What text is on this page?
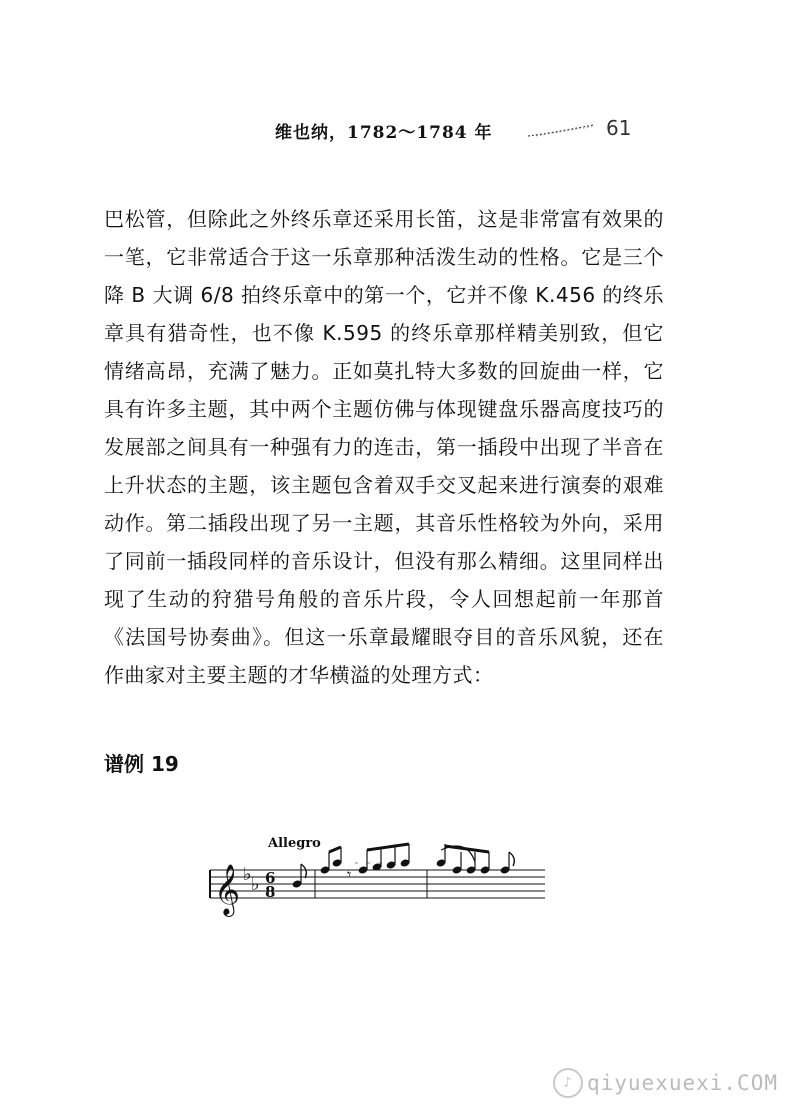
维也纳，1782～1784 年	61
巴松管，但除此之外终乐章还采用长笛，这是非常富有效果的一笔，它非常适合于这一乐章那种活泼生动的性格。它是三个降 B 大调 6/8 拍终乐章中的第一个，它并不像 K.456 的终乐章具有猎奇性，也不像 K.595 的终乐章那样精美别致，但它情绪高昂，充满了魅力。正如莫扎特大多数的回旋曲一样，它具有许多主题，其中两个主题仿佛与体现键盘乐器高度技巧的发展部之间具有一种强有力的连击，第一插段中出现了半音在上升状态的主题，该主题包含着双手交叉起来进行演奏的艰难动作。第二插段出现了另一主题，其音乐性格较为外向，采用了同前一插段同样的音乐设计，但没有那么精细。这里同样出现了生动的狩猎号角般的音乐片段，令人回想起前一年那首《法国号协奏曲》。但这一乐章最耀眼夺目的音乐风貌，还在作曲家对主要主题的才华横溢的处理方式：
谱例 19
Allegro
𝄞 ♭ ♭ 6
8
𝄾
♪ qiyuexuexi.COM
